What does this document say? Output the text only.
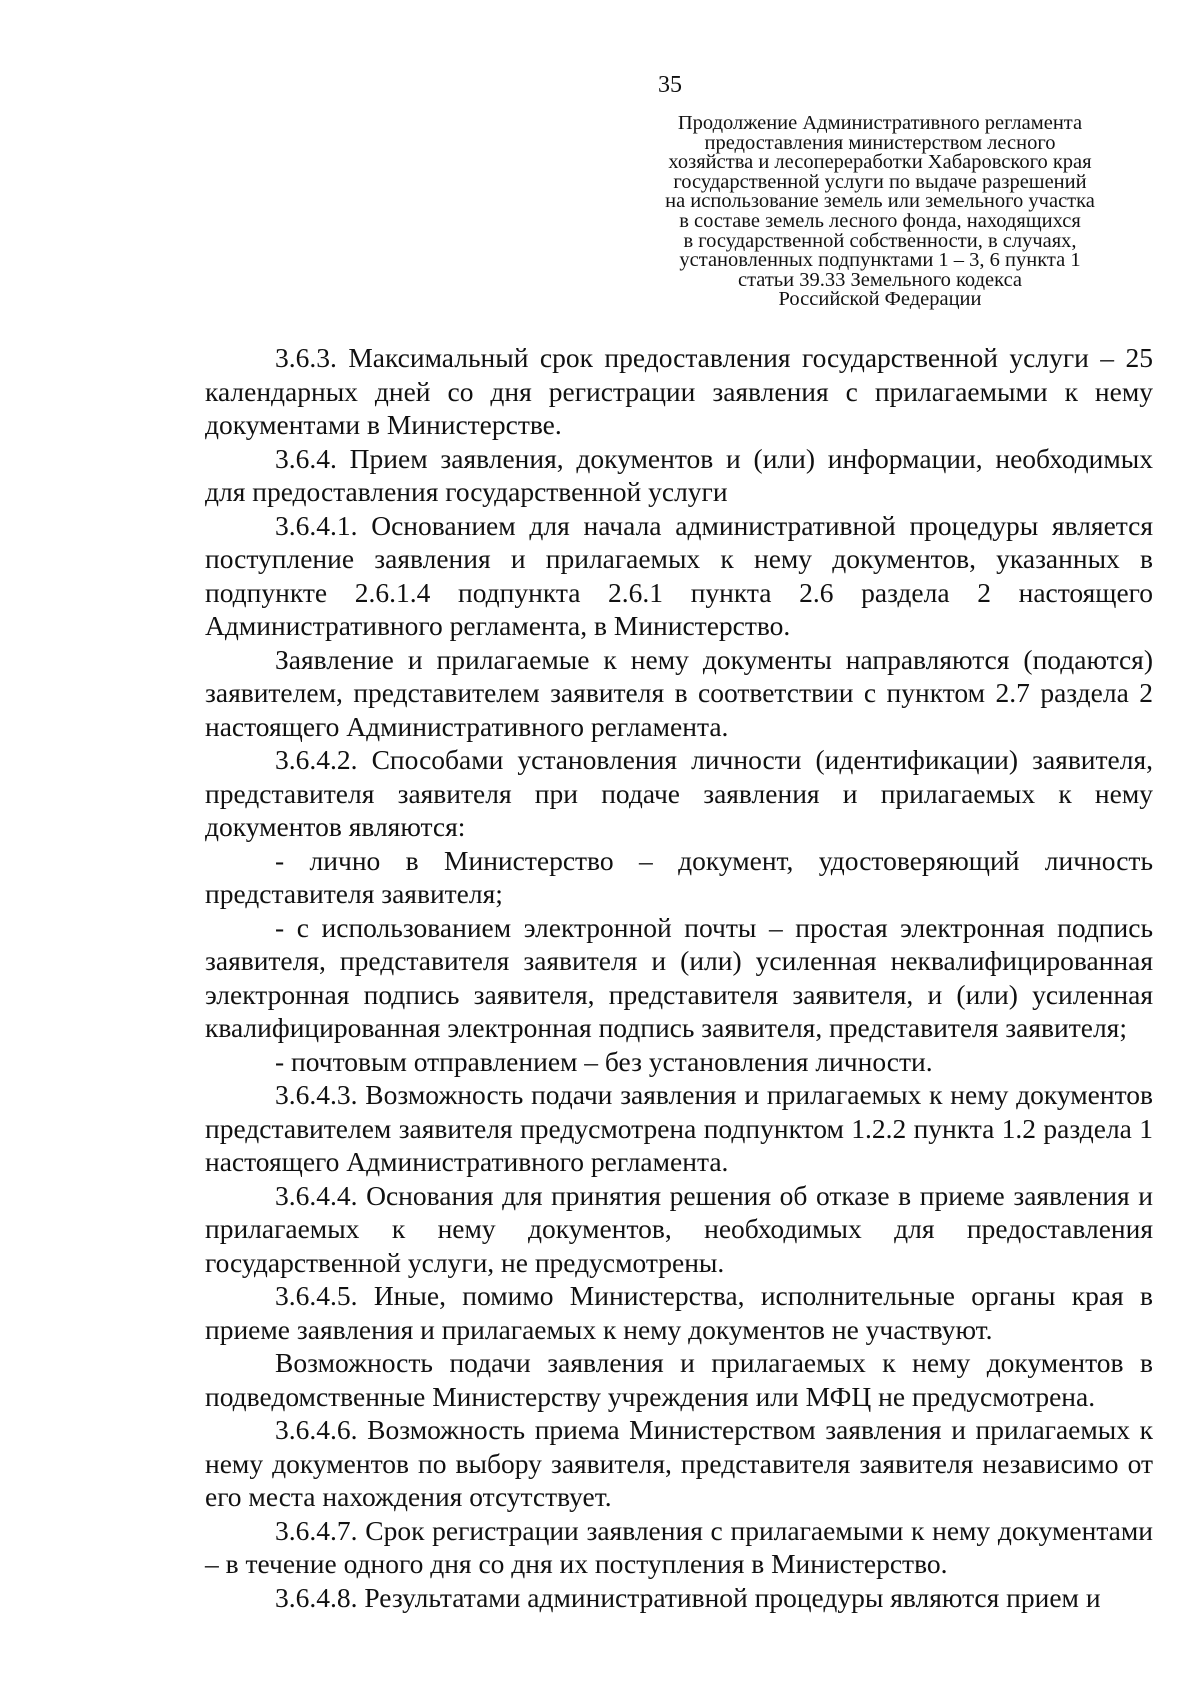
35
Продолжение Административного регламента
предоставления министерством лесного
хозяйства и лесопереработки Хабаровского края
государственной услуги по выдаче разрешений
на использование земель или земельного участка
в составе земель лесного фонда, находящихся
в государственной собственности, в случаях,
установленных подпунктами 1 – 3, 6 пункта 1
статьи 39.33 Земельного кодекса
Российской Федерации

3.6.3. Максимальный срок предоставления государственной услуги – 25 календарных дней со дня регистрации заявления с прилагаемыми к нему документами в Министерстве.

3.6.4. Прием заявления, документов и (или) информации, необходимых для предоставления государственной услуги

3.6.4.1. Основанием для начала административной процедуры является поступление заявления и прилагаемых к нему документов, указанных в подпункте 2.6.1.4 подпункта 2.6.1 пункта 2.6 раздела 2 настоящего Административного регламента, в Министерство.

Заявление и прилагаемые к нему документы направляются (подаются) заявителем, представителем заявителя в соответствии с пунктом 2.7 раздела 2 настоящего Административного регламента.

3.6.4.2. Способами установления личности (идентификации) заявителя, представителя заявителя при подаче заявления и прилагаемых к нему документов являются:

- лично в Министерство – документ, удостоверяющий личность представителя заявителя;

- с использованием электронной почты – простая электронная подпись заявителя, представителя заявителя и (или) усиленная неквалифицированная электронная подпись заявителя, представителя заявителя, и (или) усиленная квалифицированная электронная подпись заявителя, представителя заявителя;

- почтовым отправлением – без установления личности.

3.6.4.3. Возможность подачи заявления и прилагаемых к нему документов представителем заявителя предусмотрена подпунктом 1.2.2 пункта 1.2 раздела 1 настоящего Административного регламента.

3.6.4.4. Основания для принятия решения об отказе в приеме заявления и прилагаемых к нему документов, необходимых для предоставления государственной услуги, не предусмотрены.

3.6.4.5. Иные, помимо Министерства, исполнительные органы края в приеме заявления и прилагаемых к нему документов не участвуют.

Возможность подачи заявления и прилагаемых к нему документов в подведомственные Министерству учреждения или МФЦ не предусмотрена.

3.6.4.6. Возможность приема Министерством заявления и прилагаемых к нему документов по выбору заявителя, представителя заявителя независимо от его места нахождения отсутствует.

3.6.4.7. Срок регистрации заявления с прилагаемыми к нему документами – в течение одного дня со дня их поступления в Министерство.

3.6.4.8. Результатами административной процедуры являются прием и
